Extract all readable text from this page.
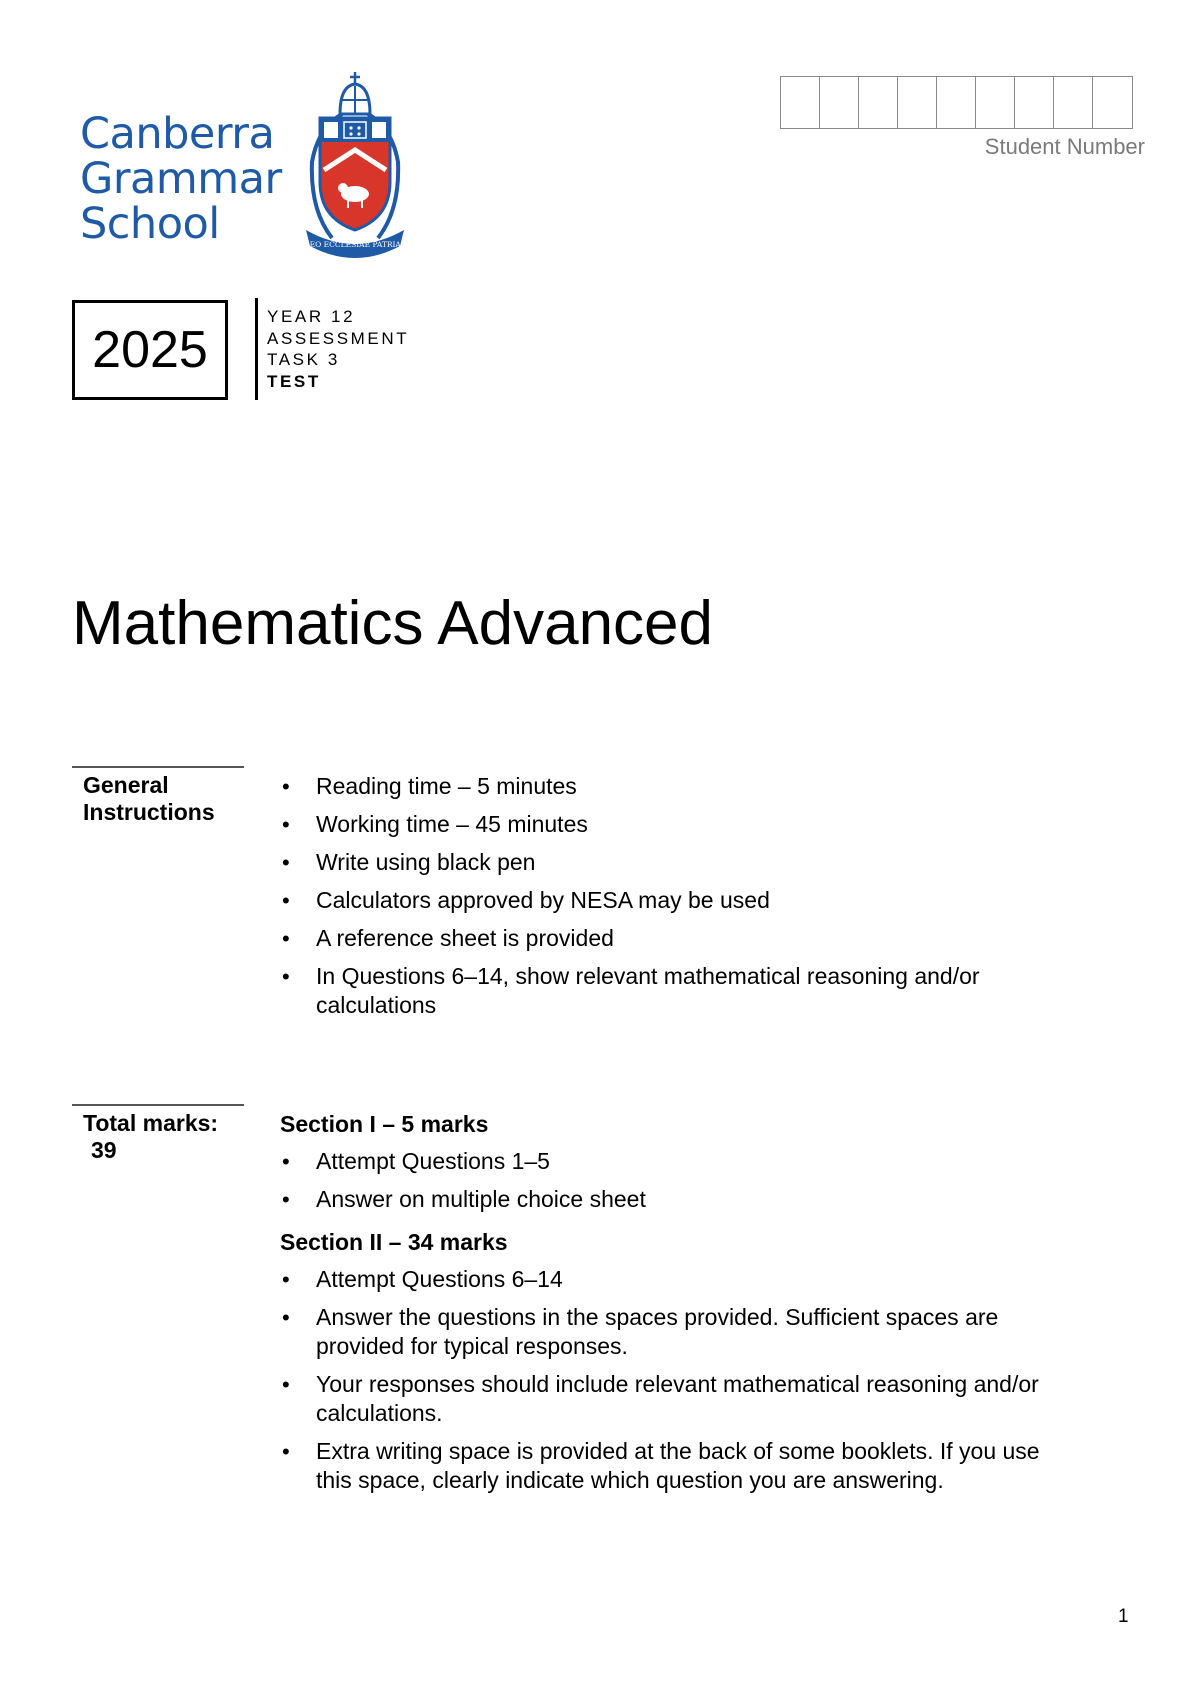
Canberra
Grammar
School	DEO ECCLESIAE PATRIAE
Student Number
2025
YEAR 12
ASSESSMENT
TASK 3
TEST
Mathematics Advanced
General Instructions
• Reading time – 5 minutes
• Working time – 45 minutes
• Write using black pen
• Calculators approved by NESA may be used
• A reference sheet is provided
• In Questions 6–14, show relevant mathematical reasoning and/or calculations
Total marks:
39
Section I – 5 marks
• Attempt Questions 1–5
• Answer on multiple choice sheet
Section II – 34 marks
• Attempt Questions 6–14
• Answer the questions in the spaces provided. Sufficient spaces are provided for typical responses.
• Your responses should include relevant mathematical reasoning and/or calculations.
• Extra writing space is provided at the back of some booklets. If you use this space, clearly indicate which question you are answering.
1
